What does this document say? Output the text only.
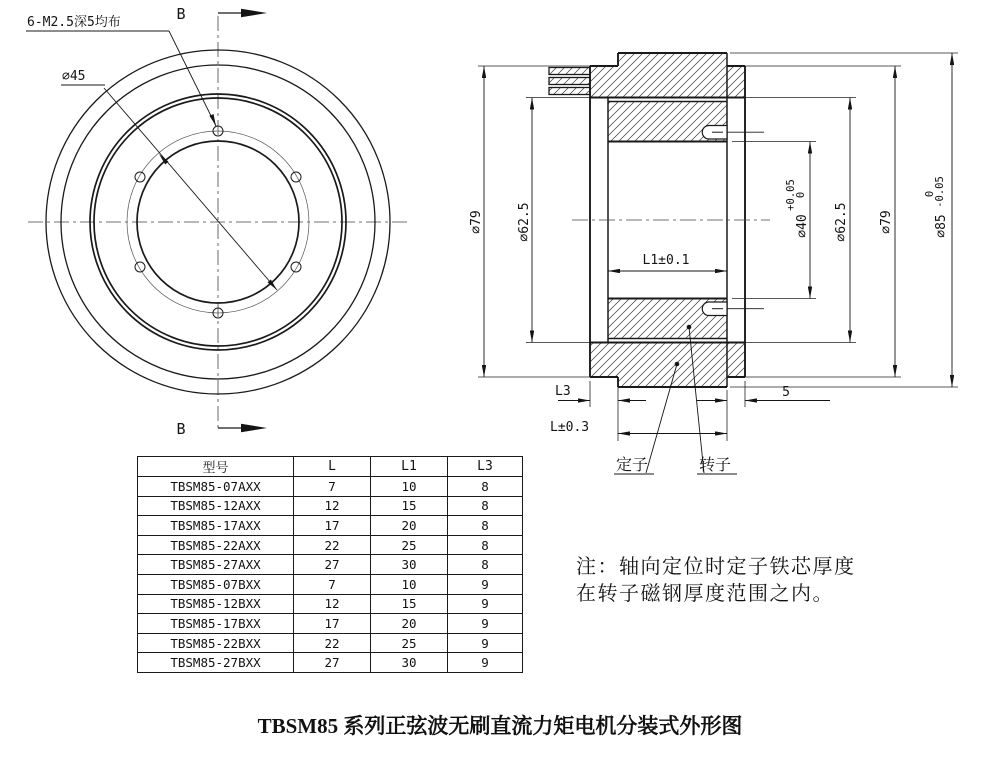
6-M2.5深5均布
∅45
B
B
∅79	∅62.5	∅40
+0.05
0
∅62.5 ∅79	∅85
0
-0.05
L1±0.1
L3	5
L±0.3
定子	转子
型号	L	L1	L3
TBSM85-07AXX	7	10	8
TBSM85-12AXX	12	15	8
TBSM85-17AXX	17	20	8
TBSM85-22AXX	22	25	8
TBSM85-27AXX	27	30	8
TBSM85-07BXX	7	10	9
TBSM85-12BXX	12	15	9
TBSM85-17BXX	17	20	9
TBSM85-22BXX	22	25	9
TBSM85-27BXX	27	30	9
注：轴向定位时定子铁芯厚度
在转子磁钢厚度范围之内。
TBSM85 系列正弦波无刷直流力矩电机分装式外形图
